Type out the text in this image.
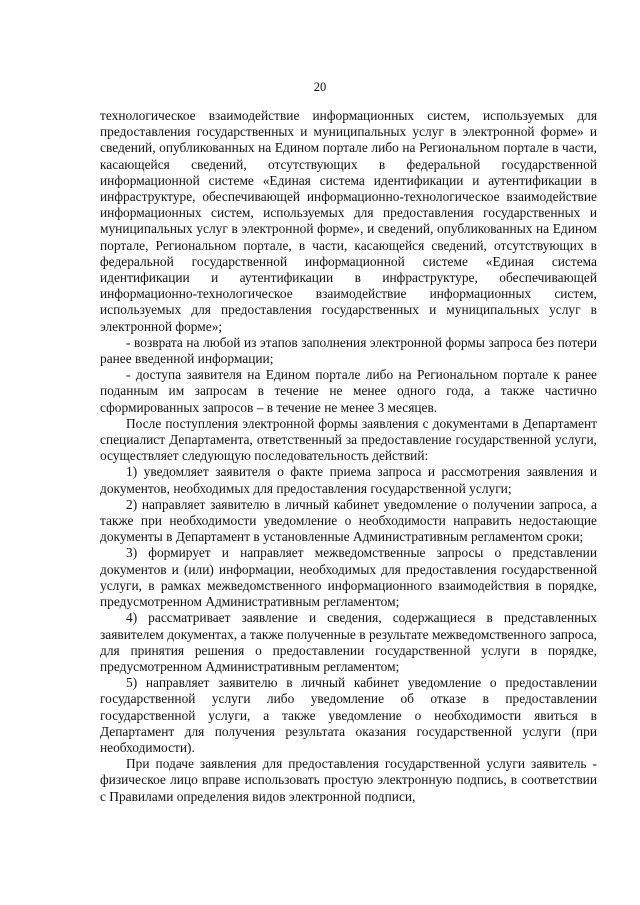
20

технологическое взаимодействие информационных систем, используемых для предоставления государственных и муниципальных услуг в электронной форме» и сведений, опубликованных на Едином портале либо на Региональном портале в части, касающейся сведений, отсутствующих в федеральной государственной информационной системе «Единая система идентификации и аутентификации в инфраструктуре, обеспечивающей информационно-технологическое взаимодействие информационных систем, используемых для предоставления государственных и муниципальных услуг в электронной форме», и сведений, опубликованных на Едином портале, Региональном портале, в части, касающейся сведений, отсутствующих в федеральной государственной информационной системе «Единая система идентификации и аутентификации в инфраструктуре, обеспечивающей информационно-технологическое взаимодействие информационных систем, используемых для предоставления государственных и муниципальных услуг в электронной форме»;

- возврата на любой из этапов заполнения электронной формы запроса без потери ранее введенной информации;

- доступа заявителя на Едином портале либо на Региональном портале к ранее поданным им запросам в течение не менее одного года, а также частично сформированных запросов – в течение не менее 3 месяцев.

После поступления электронной формы заявления с документами в Департамент специалист Департамента, ответственный за предоставление государственной услуги, осуществляет следующую последовательность действий:

1) уведомляет заявителя о факте приема запроса и рассмотрения заявления и документов, необходимых для предоставления государственной услуги;

2) направляет заявителю в личный кабинет уведомление о получении запроса, а также при необходимости уведомление о необходимости направить недостающие документы в Департамент в установленные Административным регламентом сроки;

3) формирует и направляет межведомственные запросы о представлении документов и (или) информации, необходимых для предоставления государственной услуги, в рамках межведомственного информационного взаимодействия в порядке, предусмотренном Административным регламентом;

4) рассматривает заявление и сведения, содержащиеся в представленных заявителем документах, а также полученные в результате межведомственного запроса, для принятия решения о предоставлении государственной услуги в порядке, предусмотренном Административным регламентом;

5) направляет заявителю в личный кабинет уведомление о предоставлении государственной услуги либо уведомление об отказе в предоставлении государственной услуги, а также уведомление о необходимости явиться в Департамент для получения результата оказания государственной услуги (при необходимости).

При подаче заявления для предоставления государственной услуги заявитель - физическое лицо вправе использовать простую электронную подпись, в соответствии с Правилами определения видов электронной подписи,
